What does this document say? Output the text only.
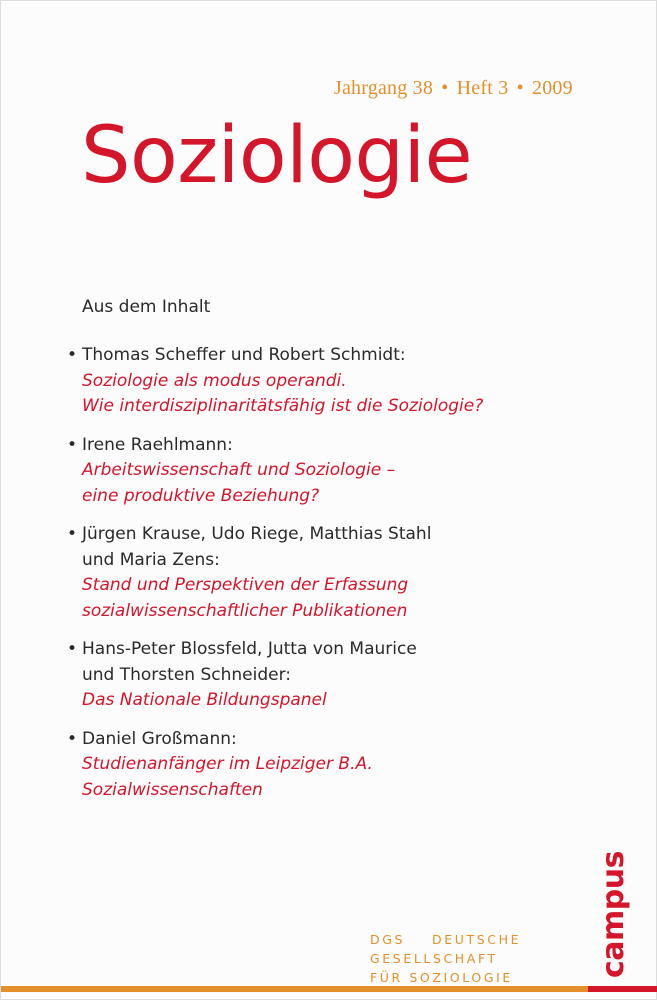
Jahrgang 38 • Heft 3 • 2009
Soziologie
Aus dem Inhalt
• Thomas Scheffer und Robert Schmidt:
Soziologie als modus operandi.
Wie interdisziplinaritätsfähig ist die Soziologie?
• Irene Raehlmann:
Arbeitswissenschaft und Soziologie –
eine produktive Beziehung?
• Jürgen Krause, Udo Riege, Matthias Stahl
und Maria Zens:
Stand und Perspektiven der Erfassung
sozialwissenschaftlicher Publikationen
• Hans-Peter Blossfeld, Jutta von Maurice
und Thorsten Schneider:
Das Nationale Bildungspanel
• Daniel Großmann:
Studienanfänger im Leipziger B.A.
Sozialwissenschaften
DGS DEUTSCHE
GESELLSCHAFT
FÜR SOZIOLOGIE	campus
